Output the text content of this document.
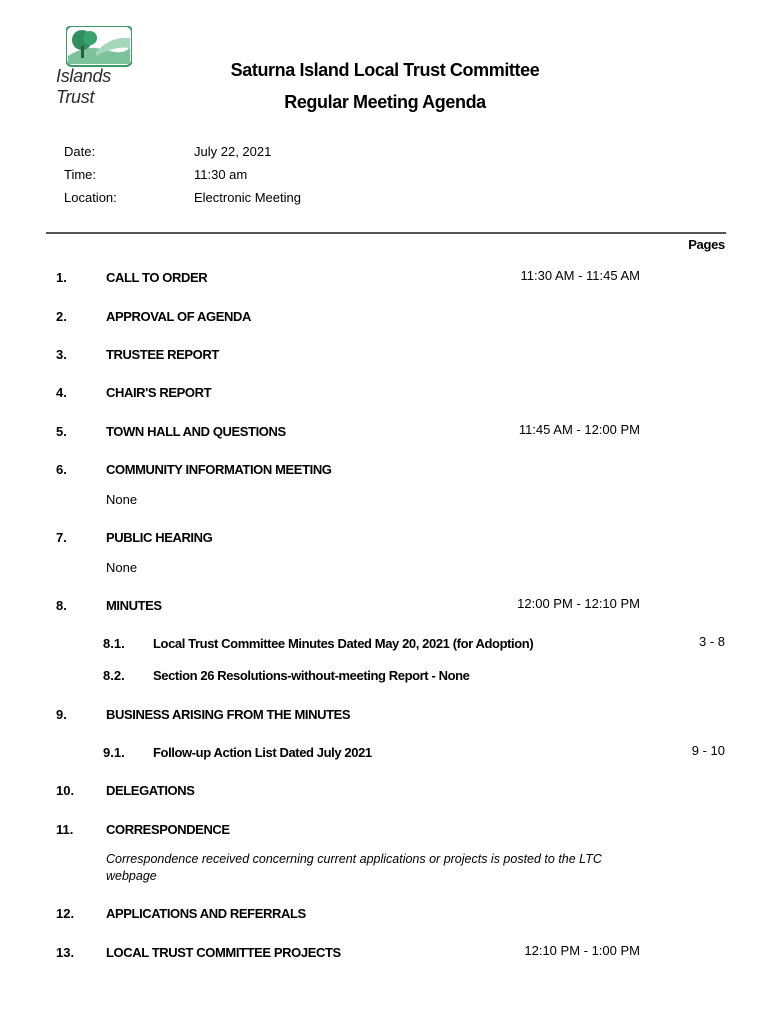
Islands Trust
Saturna Island Local Trust Committee
Regular Meeting Agenda
Date:	July 22, 2021
Time:	11:30 am
Location:	Electronic Meeting
Pages
1.	CALL TO ORDER	11:30 AM - 11:45 AM
2.	APPROVAL OF AGENDA
3.	TRUSTEE REPORT
4.	CHAIR'S REPORT
5.	TOWN HALL AND QUESTIONS	11:45 AM - 12:00 PM
6.	COMMUNITY INFORMATION MEETING
None
7.	PUBLIC HEARING
None
8.	MINUTES	12:00 PM - 12:10 PM
8.1. Local Trust Committee Minutes Dated May 20, 2021 (for Adoption)	3 - 8
8.2. Section 26 Resolutions-without-meeting Report - None
9.	BUSINESS ARISING FROM THE MINUTES
9.1. Follow-up Action List Dated July 2021	9 - 10
10. DELEGATIONS
11.	CORRESPONDENCE
Correspondence received concerning current applications or projects is posted to the LTC
webpage
12. APPLICATIONS AND REFERRALS
13. LOCAL TRUST COMMITTEE PROJECTS	12:10 PM - 1:00 PM
